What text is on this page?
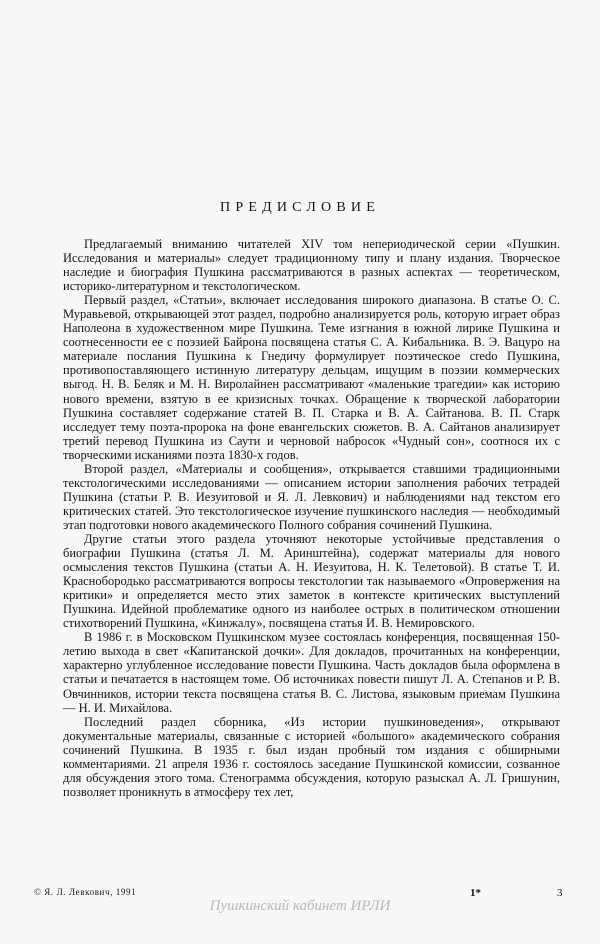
ПРЕДИСЛОВИЕ

Предлагаемый вниманию читателей XIV том непериодической серии «Пушкин. Исследования и материалы» следует традиционному типу и плану издания. Творческое наследие и биография Пушкина рассматриваются в разных аспектах — теоретическом, историко-литературном и текстологическом.

Первый раздел, «Статьи», включает исследования широкого диапазона. В статье О. С. Муравьевой, открывающей этот раздел, подробно анализируется роль, которую играет образ Наполеона в художественном мире Пушкина. Теме изгнания в южной лирике Пушкина и соотнесенности ее с поэзией Байрона посвящена статья С. А. Кибальника. В. Э. Вацуро на материале послания Пушкина к Гнедичу формулирует поэтическое credo Пушкина, противопоставляющего истинную литературу дельцам, ищущим в поэзии коммерческих выгод. Н. В. Беляк и М. Н. Виролайнен рассматривают «маленькие трагедии» как историю нового времени, взятую в ее кризисных точках. Обращение к творческой лаборатории Пушкина составляет содержание статей В. П. Старка и В. А. Сайтанова. В. П. Старк исследует тему поэта-пророка на фоне евангельских сюжетов. В. А. Сайтанов анализирует третий перевод Пушкина из Саути и черновой набросок «Чудный сон», соотнося их с творческими исканиями поэта 1830-х годов.

Второй раздел, «Материалы и сообщения», открывается ставшими традиционными текстологическими исследованиями — описанием истории заполнения рабочих тетрадей Пушкина (статьи Р. В. Иезуитовой и Я. Л. Левкович) и наблюдениями над текстом его критических статей. Это текстологическое изучение пушкинского наследия — необходимый этап подготовки нового академического Полного собрания сочинений Пушкина.

Другие статьи этого раздела уточняют некоторые устойчивые представления о биографии Пушкина (статья Л. М. Аринштейна), содержат материалы для нового осмысления текстов Пушкина (статьи А. Н. Иезуитова, Н. К. Телетовой). В статье Т. И. Краснобородько рассматриваются вопросы текстологии так называемого «Опровержения на критики» и определяется место этих заметок в контексте критических выступлений Пушкина. Идейной проблематике одного из наиболее острых в политическом отношении стихотворений Пушкина, «Кинжалу», посвящена статья И. В. Немировского.

В 1986 г. в Московском Пушкинском музее состоялась конференция, посвященная 150-летию выхода в свет «Капитанской дочки». Для докладов, прочитанных на конференции, характерно углубленное исследование повести Пушкина. Часть докладов была оформлена в статьи и печатается в настоящем томе. Об источниках повести пишут Л. А. Степанов и Р. В. Овчинников, истории текста посвящена статья В. С. Листова, языковым приемам Пушкина — Н. И. Михайлова.

Последний раздел сборника, «Из истории пушкиноведения», открывают документальные материалы, связанные с историей «большого» академического собрания сочинений Пушкина. В 1935 г. был издан пробный том издания с обширными комментариями. 21 апреля 1936 г. состоялось заседание Пушкинской комиссии, созванное для обсуждения этого тома. Стенограмма обсуждения, которую разыскал А. Л. Гришунин, позволяет проникнуть в атмосферу тех лет,

© Я. Л. Левкович, 1991	1*	3
Пушкинский кабинет ИРЛИ
